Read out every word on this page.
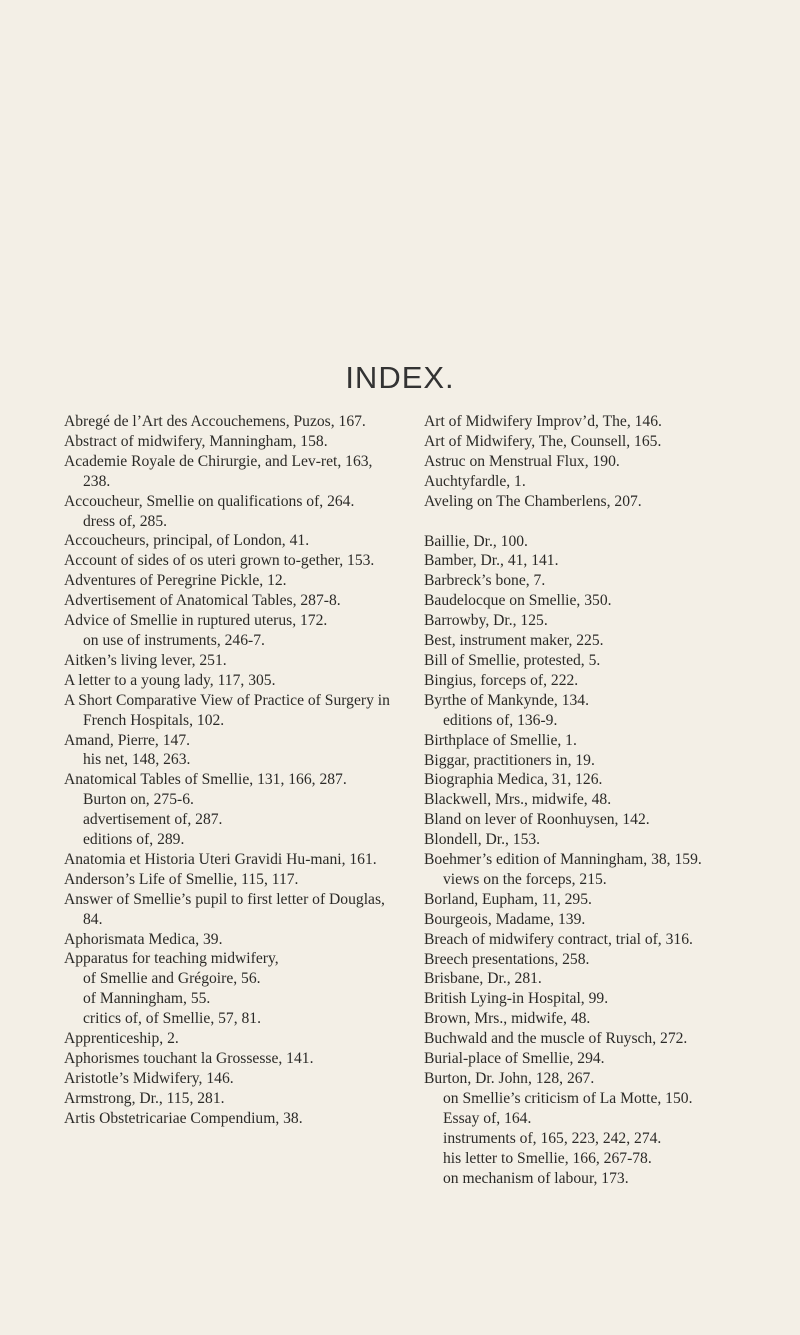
INDEX.
Abregé de l’Art des Accouchemens, Puzos, 167.
Abstract of midwifery, Manningham, 158.
Academie Royale de Chirurgie, and Lev-ret, 163, 238.
Accoucheur, Smellie on qualifications of, 264.
dress of, 285.
Accoucheurs, principal, of London, 41.
Account of sides of os uteri grown to-gether, 153.
Adventures of Peregrine Pickle, 12.
Advertisement of Anatomical Tables, 287-8.
Advice of Smellie in ruptured uterus, 172.
on use of instruments, 246-7.
Aitken’s living lever, 251.
A letter to a young lady, 117, 305.
A Short Comparative View of Practice of Surgery in French Hospitals, 102.
Amand, Pierre, 147.
his net, 148, 263.
Anatomical Tables of Smellie, 131, 166, 287.
Burton on, 275-6.
advertisement of, 287.
editions of, 289.
Anatomia et Historia Uteri Gravidi Hu-mani, 161.
Anderson’s Life of Smellie, 115, 117.
Answer of Smellie’s pupil to first letter of Douglas, 84.
Aphorismata Medica, 39.
Apparatus for teaching midwifery,
of Smellie and Grégoire, 56.
of Manningham, 55.
critics of, of Smellie, 57, 81.
Apprenticeship, 2.
Aphorismes touchant la Grossesse, 141.
Aristotle’s Midwifery, 146.
Armstrong, Dr., 115, 281.
Artis Obstetricariae Compendium, 38.
Art of Midwifery Improv’d, The, 146.
Art of Midwifery, The, Counsell, 165.
Astruc on Menstrual Flux, 190.
Auchtyfardle, 1.
Aveling on The Chamberlens, 207.
Baillie, Dr., 100.
Bamber, Dr., 41, 141.
Barbreck’s bone, 7.
Baudelocque on Smellie, 350.
Barrowby, Dr., 125.
Best, instrument maker, 225.
Bill of Smellie, protested, 5.
Bingius, forceps of, 222.
Byrthe of Mankynde, 134.
editions of, 136-9.
Birthplace of Smellie, 1.
Biggar, practitioners in, 19.
Biographia Medica, 31, 126.
Blackwell, Mrs., midwife, 48.
Bland on lever of Roonhuysen, 142.
Blondell, Dr., 153.
Boehmer’s edition of Manningham, 38, 159.
views on the forceps, 215.
Borland, Eupham, 11, 295.
Bourgeois, Madame, 139.
Breach of midwifery contract, trial of, 316.
Breech presentations, 258.
Brisbane, Dr., 281.
British Lying-in Hospital, 99.
Brown, Mrs., midwife, 48.
Buchwald and the muscle of Ruysch, 272.
Burial-place of Smellie, 294.
Burton, Dr. John, 128, 267.
on Smellie’s criticism of La Motte, 150.
Essay of, 164.
instruments of, 165, 223, 242, 274.
his letter to Smellie, 166, 267-78.
on mechanism of labour, 173.
